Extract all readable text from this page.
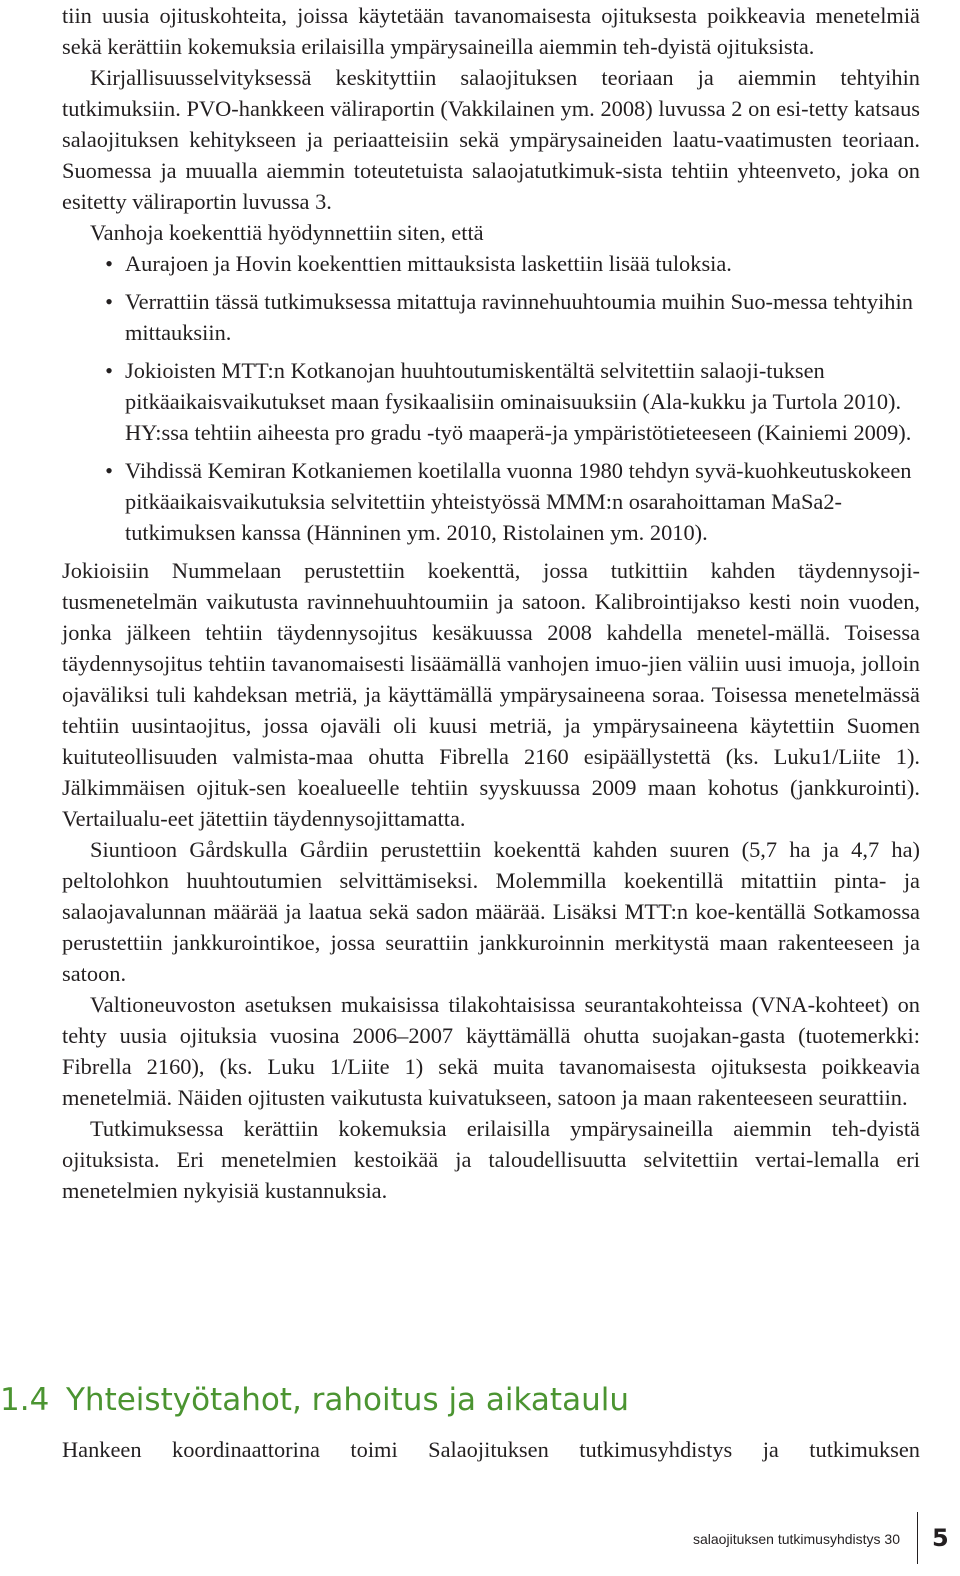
tiin uusia ojituskohteita, joissa käytetään tavanomaisesta ojituksesta poikkeavia menetelmiä sekä kerättiin kokemuksia erilaisilla ympärysaineilla aiemmin teh-dyistä ojituksista.

Kirjallisuusselvityksessä keskityttiin salaojituksen teoriaan ja aiemmin tehtyihin tutkimuksiin. PVO-hankkeen väliraportin (Vakkilainen ym. 2008) luvussa 2 on esi-tetty katsaus salaojituksen kehitykseen ja periaatteisiin sekä ympärysaineiden laatu-vaatimusten teoriaan. Suomessa ja muualla aiemmin toteutetuista salaojatutkimuk-sista tehtiin yhteenveto, joka on esitetty väliraportin luvussa 3.

Vanhoja koekenttiä hyödynnettiin siten, että

• Aurajoen ja Hovin koekenttien mittauksista laskettiin lisää tuloksia.
• Verrattiin tässä tutkimuksessa mitattuja ravinnehuuhtoumia muihin Suo-messa tehtyihin mittauksiin.
• Jokioisten MTT:n Kotkanojan huuhtoutumiskentältä selvitettiin salaoji-tuksen pitkäaikaisvaikutukset maan fysikaalisiin ominaisuuksiin (Ala-kukku ja Turtola 2010). HY:ssa tehtiin aiheesta pro gradu -työ maaperä-ja ympäristötieteeseen (Kainiemi 2009).
• Vihdissä Kemiran Kotkaniemen koetilalla vuonna 1980 tehdyn syvä-kuohkeutuskokeen pitkäaikaisvaikutuksia selvitettiin yhteistyössä MMM:n osarahoittaman MaSa2- tutkimuksen kanssa (Hänninen ym. 2010, Ristolainen ym. 2010).

Jokioisiin Nummelaan perustettiin koekenttä, jossa tutkittiin kahden täydennysoji-tusmenetelmän vaikutusta ravinnehuuhtoumiin ja satoon. Kalibrointijakso kesti noin vuoden, jonka jälkeen tehtiin täydennysojitus kesäkuussa 2008 kahdella menetel-mällä. Toisessa täydennysojitus tehtiin tavanomaisesti lisäämällä vanhojen imuo-jien väliin uusi imuoja, jolloin ojaväliksi tuli kahdeksan metriä, ja käyttämällä ympärysaineena soraa. Toisessa menetelmässä tehtiin uusintaojitus, jossa ojaväli oli kuusi metriä, ja ympärysaineena käytettiin Suomen kuituteollisuuden valmista-maa ohutta Fibrella 2160 esipäällystettä (ks. Luku1/Liite 1). Jälkimmäisen ojituk-sen koealueelle tehtiin syyskuussa 2009 maan kohotus (jankkurointi). Vertailualu-eet jätettiin täydennysojittamatta.

Siuntioon Gårdskulla Gårdiin perustettiin koekenttä kahden suuren (5,7 ha ja 4,7 ha) peltolohkon huuhtoutumien selvittämiseksi. Molemmilla koekentillä mitattiin pinta- ja salaojavalunnan määrää ja laatua sekä sadon määrää. Lisäksi MTT:n koe-kentällä Sotkamossa perustettiin jankkurointikoe, jossa seurattiin jankkuroinnin merkitystä maan rakenteeseen ja satoon.

Valtioneuvoston asetuksen mukaisissa tilakohtaisissa seurantakohteissa (VNA-kohteet) on tehty uusia ojituksia vuosina 2006–2007 käyttämällä ohutta suojakan-gasta (tuotemerkki: Fibrella 2160), (ks. Luku 1/Liite 1) sekä muita tavanomaisesta ojituksesta poikkeavia menetelmiä. Näiden ojitusten vaikutusta kuivatukseen, satoon ja maan rakenteeseen seurattiin.

Tutkimuksessa kerättiin kokemuksia erilaisilla ympärysaineilla aiemmin teh-dyistä ojituksista. Eri menetelmien kestoikää ja taloudellisuutta selvitettiin vertai-lemalla eri menetelmien nykyisiä kustannuksia.

1.4 Yhteistyötahot, rahoitus ja aikataulu

Hankeen koordinaattorina toimi Salaojituksen tutkimusyhdistys ja tutkimuksen

salaojituksen tutkimusyhdistys 30 5
